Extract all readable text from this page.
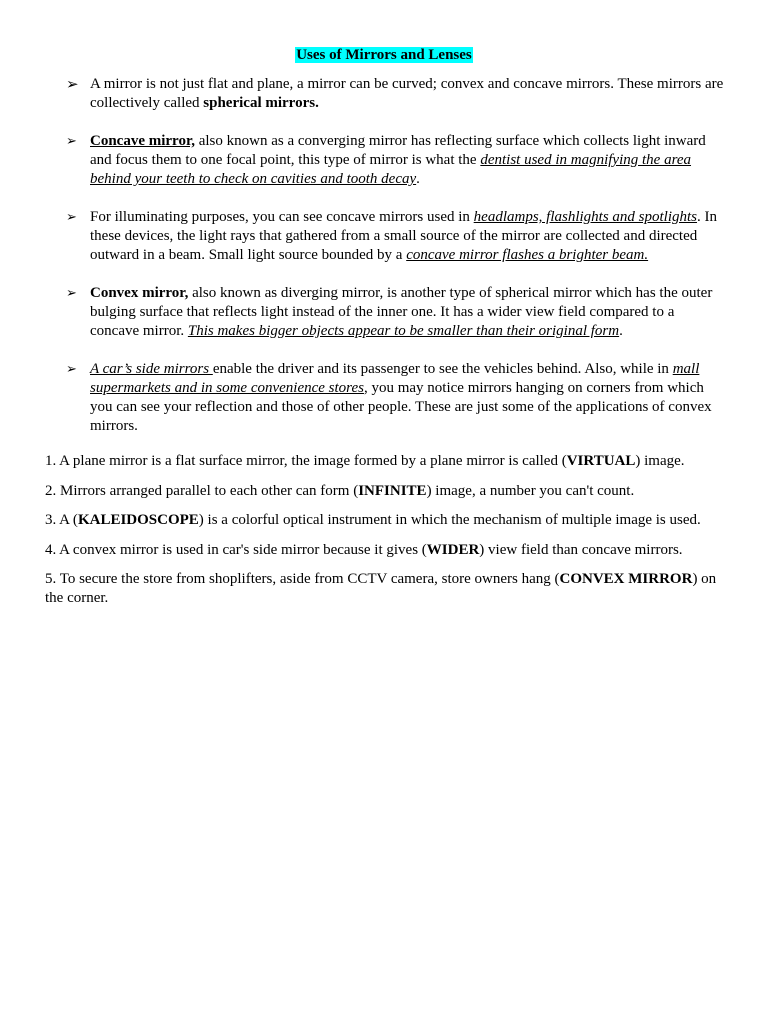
Uses of Mirrors and Lenses
➢ A mirror is not just flat and plane, a mirror can be curved; convex and concave mirrors. These mirrors are collectively called spherical mirrors.
➢ Concave mirror, also known as a converging mirror has reflecting surface which collects light inward and focus them to one focal point, this type of mirror is what the dentist used in magnifying the area behind your teeth to check on cavities and tooth decay.
➢ For illuminating purposes, you can see concave mirrors used in headlamps, flashlights and spotlights. In these devices, the light rays that gathered from a small source of the mirror are collected and directed outward in a beam. Small light source bounded by a concave mirror flashes a brighter beam.
➢ Convex mirror, also known as diverging mirror, is another type of spherical mirror which has the outer bulging surface that reflects light instead of the inner one. It has a wider view field compared to a concave mirror. This makes bigger objects appear to be smaller than their original form.
➢ A car’s side mirrors enable the driver and its passenger to see the vehicles behind. Also, while in mall supermarkets and in some convenience stores, you may notice mirrors hanging on corners from which you can see your reflection and those of other people. These are just some of the applications of convex mirrors.
1. A plane mirror is a flat surface mirror, the image formed by a plane mirror is called (VIRTUAL) image.
2. Mirrors arranged parallel to each other can form (INFINITE) image, a number you can't count.
3. A (KALEIDOSCOPE) is a colorful optical instrument in which the mechanism of multiple image is used.
4. A convex mirror is used in car's side mirror because it gives (WIDER) view field than concave mirrors.
5. To secure the store from shoplifters, aside from CCTV camera, store owners hang (CONVEX MIRROR) on the corner.
